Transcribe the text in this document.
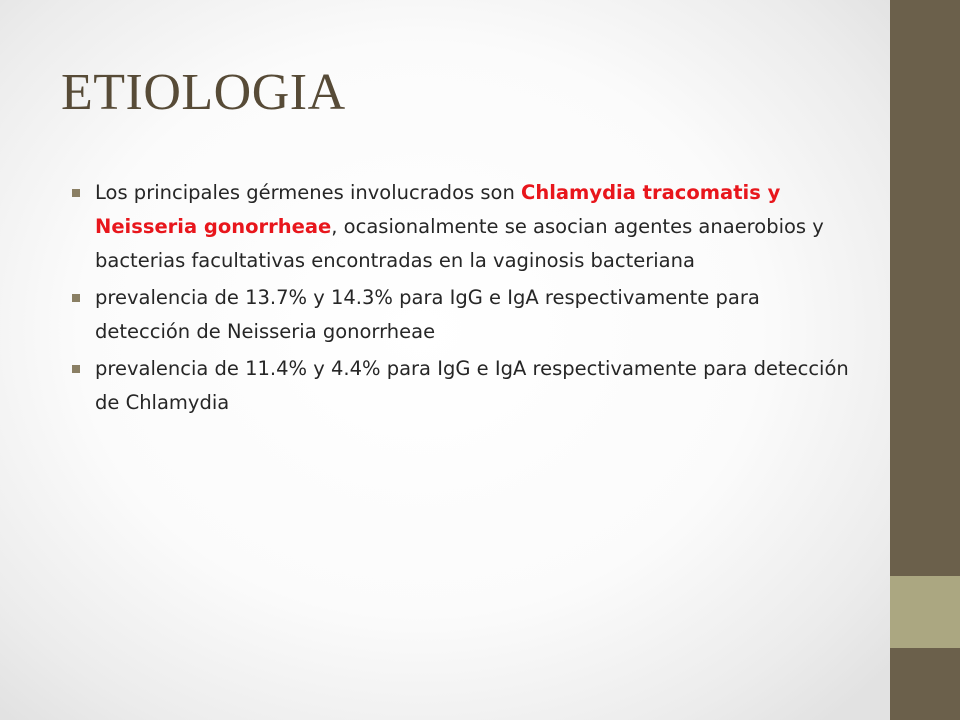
ETIOLOGIA
Los principales gérmenes involucrados son Chlamydia tracomatis y Neisseria gonorrheae, ocasionalmente se asocian agentes anaerobios y bacterias facultativas encontradas en la vaginosis bacteriana
prevalencia de 13.7% y 14.3% para IgG e IgA respectivamente para detección de Neisseria gonorrheae
prevalencia de 11.4% y 4.4% para IgG e IgA respectivamente para detección de Chlamydia
